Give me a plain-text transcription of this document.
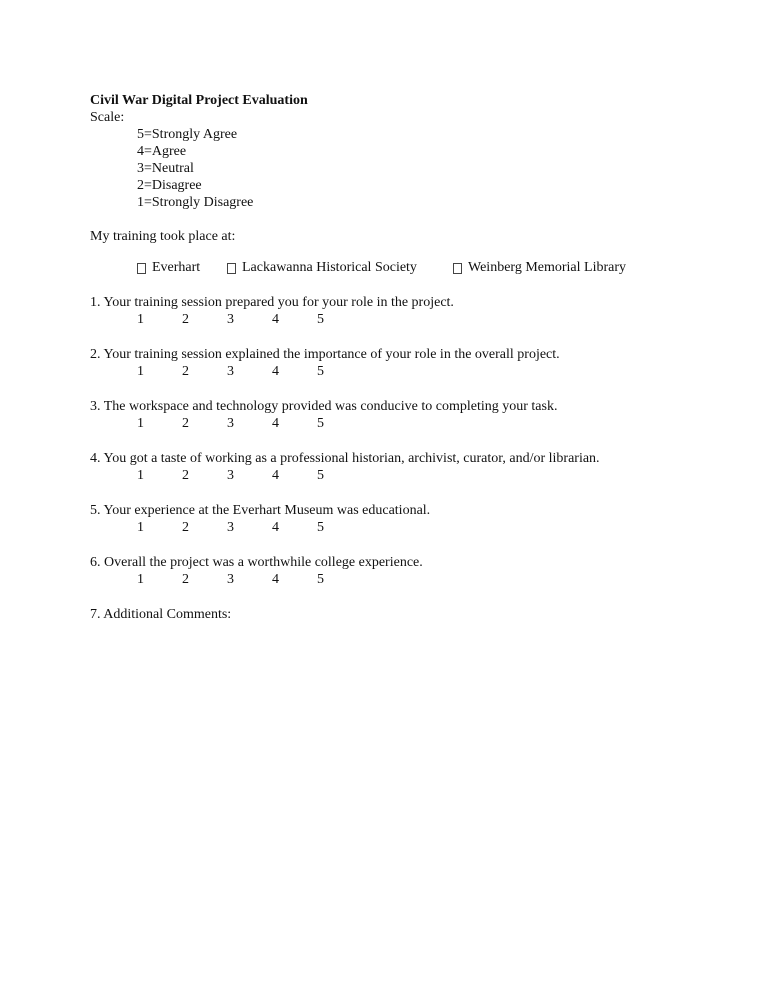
Civil War Digital Project Evaluation
Scale:
5=Strongly Agree
4=Agree
3=Neutral
2=Disagree
1=Strongly Disagree
My training took place at:
Everhart	Lackawanna Historical Society	Weinberg Memorial Library
1. Your training session prepared you for your role in the project.
1	2	3	4	5
2. Your training session explained the importance of your role in the overall project.
1	2	3	4	5
3. The workspace and technology provided was conducive to completing your task.
1	2	3	4	5
4. You got a taste of working as a professional historian, archivist, curator, and/or librarian.
1	2	3	4	5
5. Your experience at the Everhart Museum was educational.
1	2	3	4	5
6. Overall the project was a worthwhile college experience.
1	2	3	4	5
7. Additional Comments:
